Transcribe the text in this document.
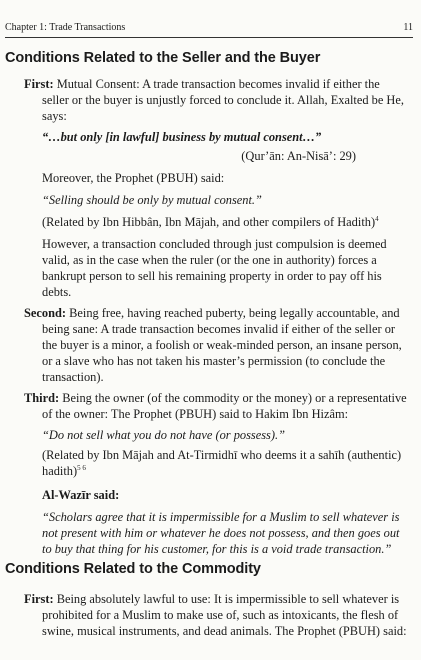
Chapter 1: Trade Transactions	11
Conditions Related to the Seller and the Buyer

First: Mutual Consent: A trade transaction becomes invalid if either the seller or the buyer is unjustly forced to conclude it. Allah, Exalted be He, says:

“…but only [in lawful] business by mutual consent…”

(Qur’ān: An-Nisā’: 29)

Moreover, the Prophet (PBUH) said:

“Selling should be only by mutual consent.”

(Related by Ibn Hibbân, Ibn Mājah, and other compilers of Hadith)$^4$

However, a transaction concluded through just compulsion is deemed valid, as in the case when the ruler (or the one in authority) forces a bankrupt person to sell his remaining property in order to pay off his debts.

Second: Being free, having reached puberty, being legally accountable, and being sane: A trade transaction becomes invalid if either of the seller or the buyer is a minor, a foolish or weak-minded person, an insane person, or a slave who has not taken his master’s permission (to conclude the transaction).

Third: Being the owner (of the commodity or the money) or a representative of the owner: The Prophet (PBUH) said to Hakim Ibn Hizâm:

“Do not sell what you do not have (or possess).”

(Related by Ibn Mājah and At-Tirmidhī who deems it a sahīh (authentic)
hadith)$^{5 6}$

Al-Wazīr said:

“Scholars agree that it is impermissible for a Muslim to sell whatever is not present with him or whatever he does not possess, and then goes out to buy that thing for his customer, for this is a void trade transaction.”

Conditions Related to the Commodity

First: Being absolutely lawful to use: It is impermissible to sell whatever is prohibited for a Muslim to make use of, such as intoxicants, the flesh of swine, musical instruments, and dead animals. The Prophet (PBUH) said:
